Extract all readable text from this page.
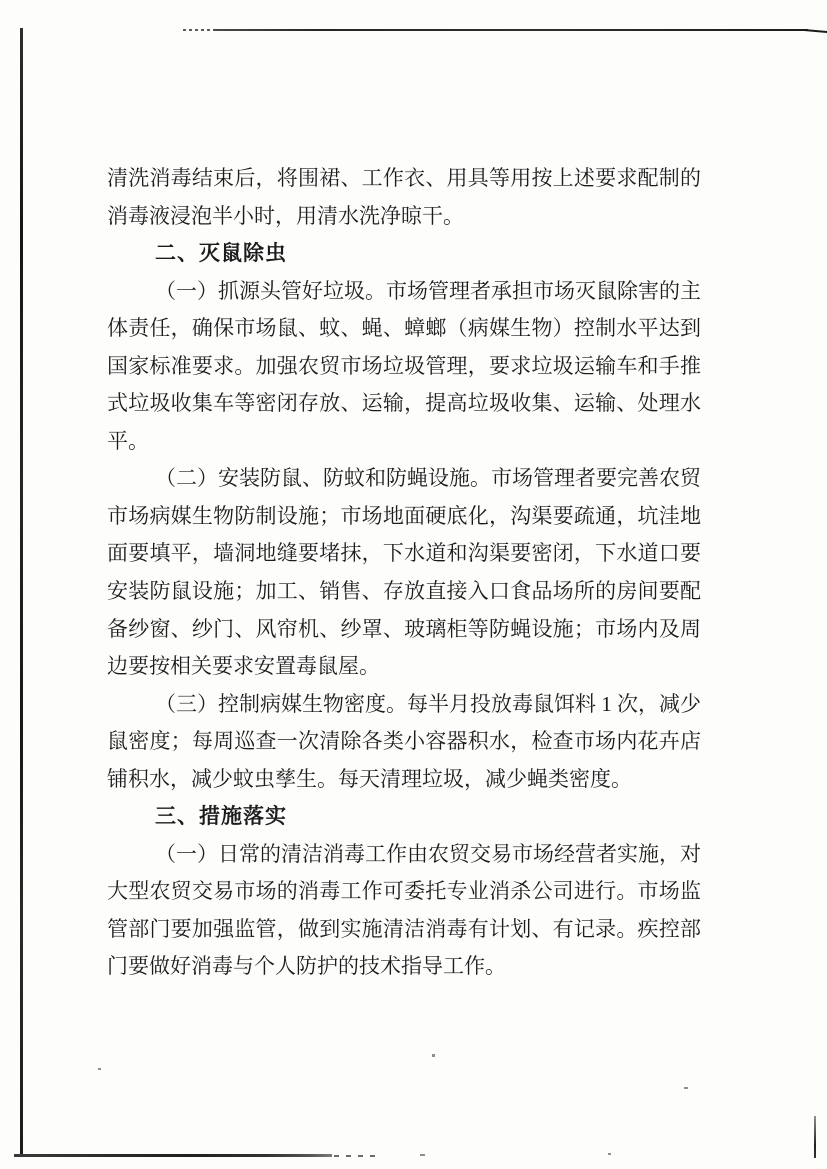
清洗消毒结束后，将围裙、工作衣、用具等用按上述要求配制的
消毒液浸泡半小时，用清水洗净晾干。
二、灭鼠除虫
（一）抓源头管好垃圾。市场管理者承担市场灭鼠除害的主
体责任，确保市场鼠、蚊、蝇、蟑螂（病媒生物）控制水平达到
国家标准要求。加强农贸市场垃圾管理，要求垃圾运输车和手推
式垃圾收集车等密闭存放、运输，提高垃圾收集、运输、处理水
平。
（二）安装防鼠、防蚊和防蝇设施。市场管理者要完善农贸
市场病媒生物防制设施；市场地面硬底化，沟渠要疏通，坑洼地
面要填平，墙洞地缝要堵抹，下水道和沟渠要密闭，下水道口要
安装防鼠设施；加工、销售、存放直接入口食品场所的房间要配
备纱窗、纱门、风帘机、纱罩、玻璃柜等防蝇设施；市场内及周
边要按相关要求安置毒鼠屋。
（三）控制病媒生物密度。每半月投放毒鼠饵料 1 次，减少
鼠密度；每周巡查一次清除各类小容器积水，检查市场内花卉店
铺积水，减少蚊虫孳生。每天清理垃圾，减少蝇类密度。
三、措施落实
（一）日常的清洁消毒工作由农贸交易市场经营者实施，对
大型农贸交易市场的消毒工作可委托专业消杀公司进行。市场监
管部门要加强监管，做到实施清洁消毒有计划、有记录。疾控部
门要做好消毒与个人防护的技术指导工作。
